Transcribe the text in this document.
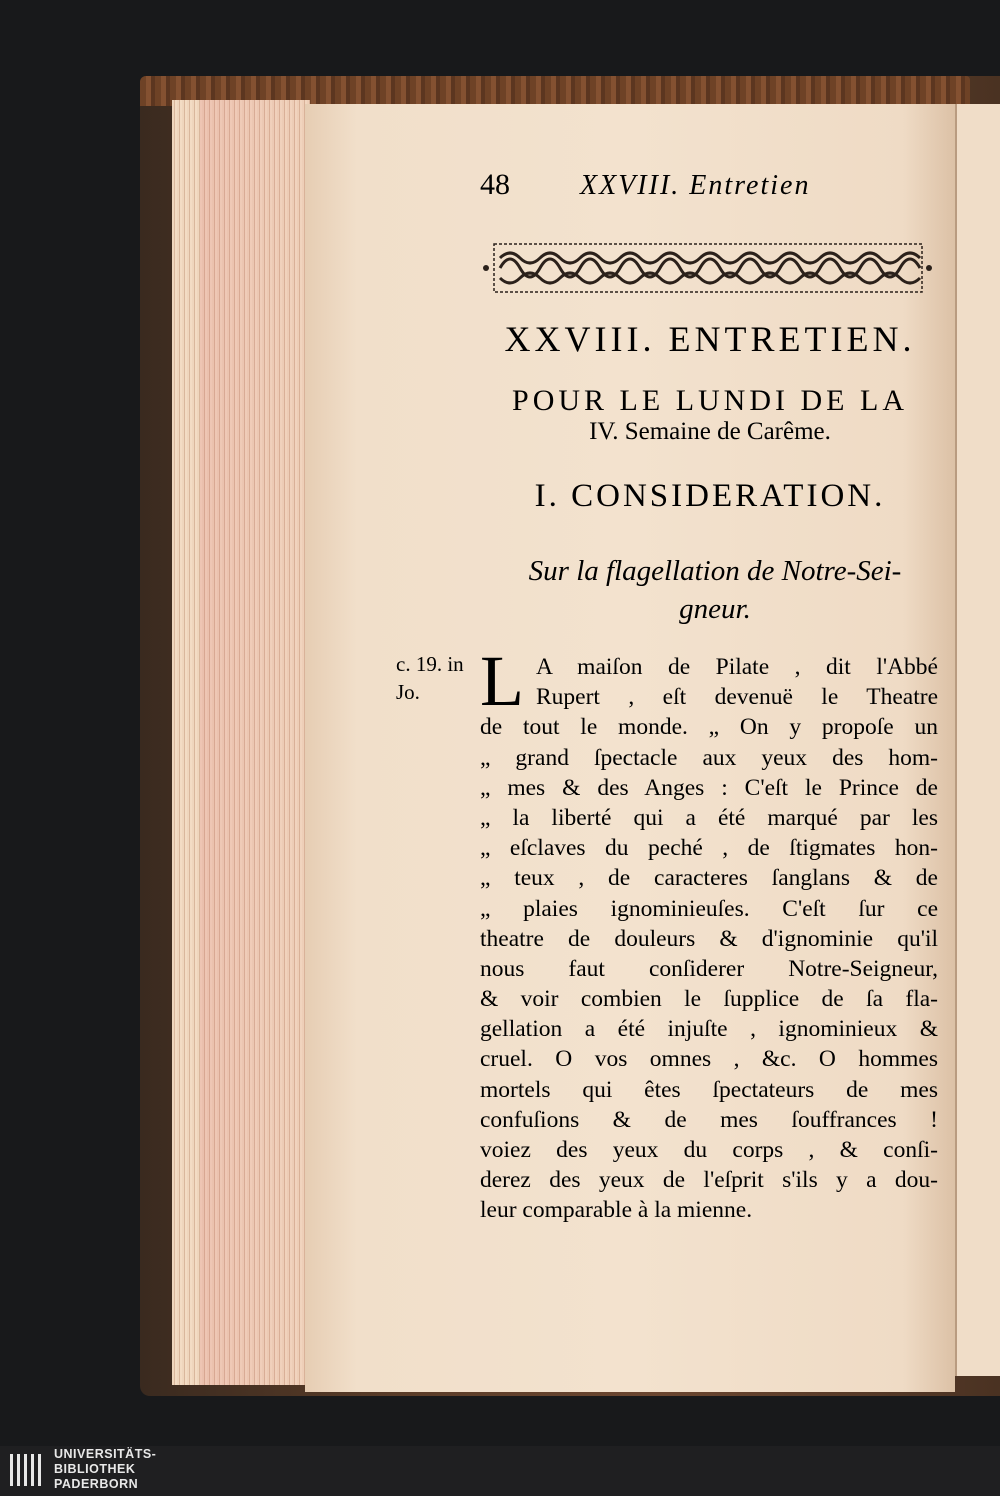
48	XXVIII. Entretien
XXVIII. ENTRETIEN.
POUR LE LUNDI DE LA
IV. Semaine de Carême.
I. CONSIDERATION.
Sur la flagellation de Notre-Sei-
gneur.
c. 19. in
Jo. L A maiſon de Pilate , dit l'Abbé
Rupert , eſt devenuë le Theatre
de tout le monde. „ On y propoſe un
„ grand ſpectacle aux yeux des hom-
„ mes & des Anges : C'eſt le Prince de
„ la liberté qui a été marqué par les
„ eſclaves du peché , de ſtigmates hon-
„ teux , de caracteres ſanglans & de
„ plaies ignominieuſes. C'eſt ſur ce
theatre de douleurs & d'ignominie qu'il
nous faut conſiderer Notre-Seigneur,
& voir combien le ſupplice de ſa fla-
gellation a été injuſte , ignominieux &
cruel. O vos omnes , &c. O hommes
mortels qui êtes ſpectateurs de mes
confuſions & de mes ſouffrances !
voiez des yeux du corps , & conſi-
derez des yeux de l'eſprit s'ils y a dou-
leur comparable à la mienne.
UNIVERSITÄTS-
BIBLIOTHEK
PADERBORN
